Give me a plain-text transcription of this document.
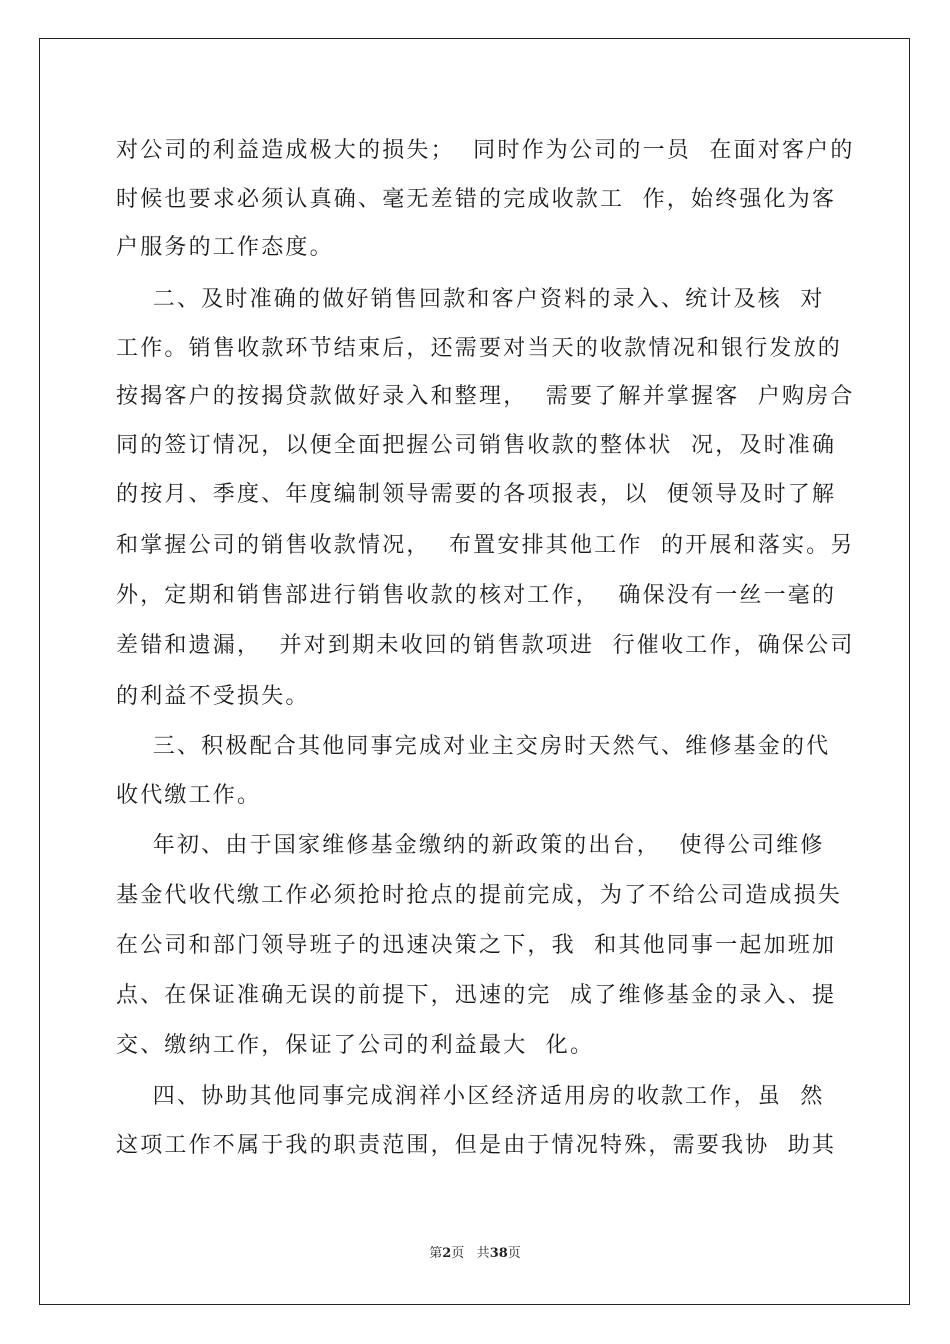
对公司的利益造成极大的损失；  同时作为公司的一员  在面对客户的
时候也要求必须认真确、毫无差错的完成收款工  作，始终强化为客
户服务的工作态度。
二、及时准确的做好销售回款和客户资料的录入、统计及核  对
工作。销售收款环节结束后，还需要对当天的收款情况和银行发放的
按揭客户的按揭贷款做好录入和整理，  需要了解并掌握客  户购房合
同的签订情况，以便全面把握公司销售收款的整体状  况，及时准确
的按月、季度、年度编制领导需要的各项报表，以  便领导及时了解
和掌握公司的销售收款情况，  布置安排其他工作  的开展和落实。另
外，定期和销售部进行销售收款的核对工作，  确保没有一丝一毫的
差错和遗漏，  并对到期未收回的销售款项进  行催收工作，确保公司
的利益不受损失。
三、积极配合其他同事完成对业主交房时天然气、维修基金的代
收代缴工作。
年初、由于国家维修基金缴纳的新政策的出台，  使得公司维修
基金代收代缴工作必须抢时抢点的提前完成，为了不给公司造成损失
在公司和部门领导班子的迅速决策之下，我  和其他同事一起加班加
点、在保证准确无误的前提下，迅速的完  成了维修基金的录入、提
交、缴纳工作，保证了公司的利益最大  化。
四、协助其他同事完成润祥小区经济适用房的收款工作，虽  然
这项工作不属于我的职责范围，但是由于情况特殊，需要我协  助其
第2页 共38页
